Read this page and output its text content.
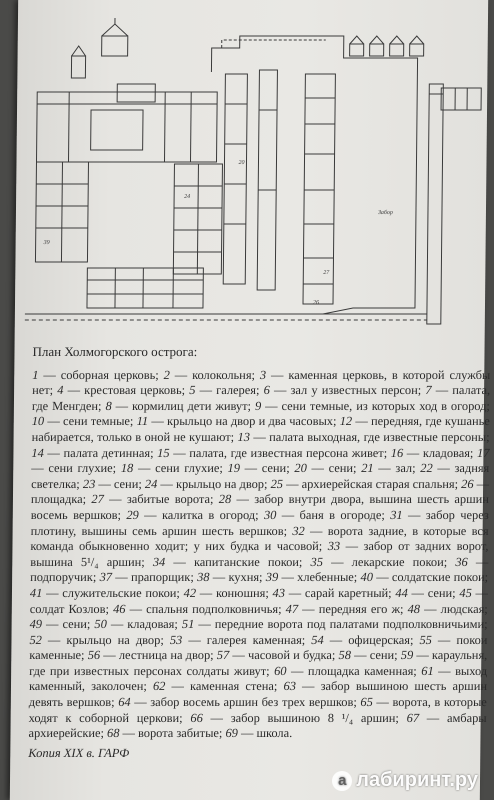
27
26
20
24
39
Забор

План Холмогорского острога:

1 — соборная церковь; 2 — колокольня; 3 — каменная церковь, в которой службы нет; 4 — крестовая церковь; 5 — галерея; 6 — зал у известных персон; 7 — палата, где Менгден; 8 — кормилиц дети живут; 9 — сени темные, из которых ход в огород; 10 — сени темные; 11 — крыльцо на двор и два часовых; 12 — передняя, где кушанье набирается, только в оной не кушают; 13 — палата выходная, где известные персоны; 14 — палата детинная; 15 — палата, где известная персона живет; 16 — кладовая; 17 — сени глухие; 18 — сени глухие; 19 — сени; 20 — сени; 21 — зал; 22 — задняя светелка; 23 — сени; 24 — крыльцо на двор; 25 — архиерейская старая спальня; 26 — площадка; 27 — забитые ворота; 28 — забор внутри двора, вышина шесть аршин восемь вершков; 29 — калитка в огород; 30 — баня в огороде; 31 — забор через плотину, вышины семь аршин шесть вершков; 32 — ворота задние, в которые вся команда обыкновенно ходит; у них будка и часовой; 33 — забор от задних ворот, вышина 5¹/₄ аршин; 34 — капитанские покои; 35 — лекарские покои; 36 — подпоручик; 37 — прапорщик; 38 — кухня; 39 — хлебенные; 40 — солдатские покои; 41 — служительские покои; 42 — конюшня; 43 — сарай каретный; 44 — сени; 45 — солдат Козлов; 46 — спальня подполковничья; 47 — передняя его ж; 48 — людская; 49 — сени; 50 — кладовая; 51 — передние ворота под палатами подполковничьими; 52 — крыльцо на двор; 53 — галерея каменная; 54 — офицерская; 55 — покои каменные; 56 — лестница на двор; 57 — часовой и будка; 58 — сени; 59 — караульня, где при известных персонах солдаты живут; 60 — площадка каменная; 61 — выход каменный, заколочен; 62 — каменная стена; 63 — забор вышиною шесть аршин девять вершков; 64 — забор восемь аршин без трех вершков; 65 — ворота, в которые ходят к соборной церкови; 66 — забор вышиною 8 ¹/₄ аршин; 67 — амбары архиерейские; 68 — ворота забитые; 69 — школа.

Копия XIX в. ГАРФ
a лабиринт.ру
